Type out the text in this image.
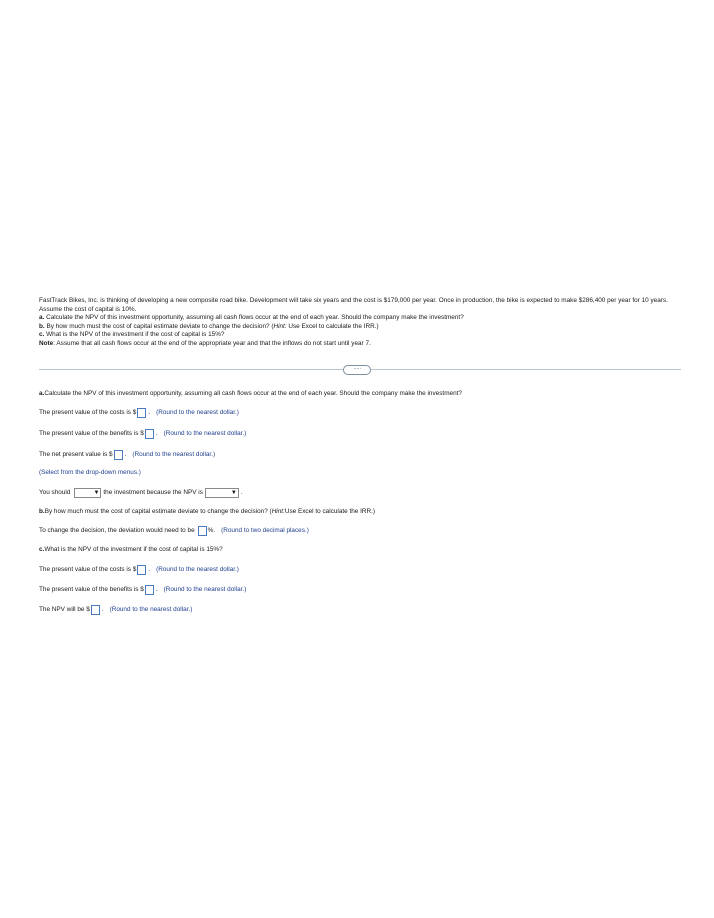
FastTrack Bikes, Inc. is thinking of developing a new composite road bike. Development will take six years and the cost is $179,000 per year. Once in production, the bike is expected to make $286,400 per year for 10 years. Assume the cost of capital is 10%.

a. Calculate the NPV of this investment opportunity, assuming all cash flows occur at the end of each year. Should the company make the investment?

b. By how much must the cost of capital estimate deviate to change the decision? (Hint: Use Excel to calculate the IRR.)

c. What is the NPV of the investment if the cost of capital is 15%?

Note: Assume that all cash flows occur at the end of the appropriate year and that the inflows do not start until year 7.

·····
a. Calculate the NPV of this investment opportunity, assuming all cash flows occur at the end of each year. Should the company make the investment?
The present value of the costs is $ . (Round to the nearest dollar.)
The present value of the benefits is $ . (Round to the nearest dollar.)
The net present value is $ . (Round to the nearest dollar.)
(Select from the drop-down menus.)
You should	▼ the investment because the NPV is	▼ .
b. By how much must the cost of capital estimate deviate to change the decision? ( Hint: Use Excel to calculate the IRR.)
To change the decision, the deviation would need to be %. (Round to two decimal places.)
c. What is the NPV of the investment if the cost of capital is 15%?
The present value of the costs is $ . (Round to the nearest dollar.)
The present value of the benefits is $ . (Round to the nearest dollar.)
The NPV will be $ . (Round to the nearest dollar.)
